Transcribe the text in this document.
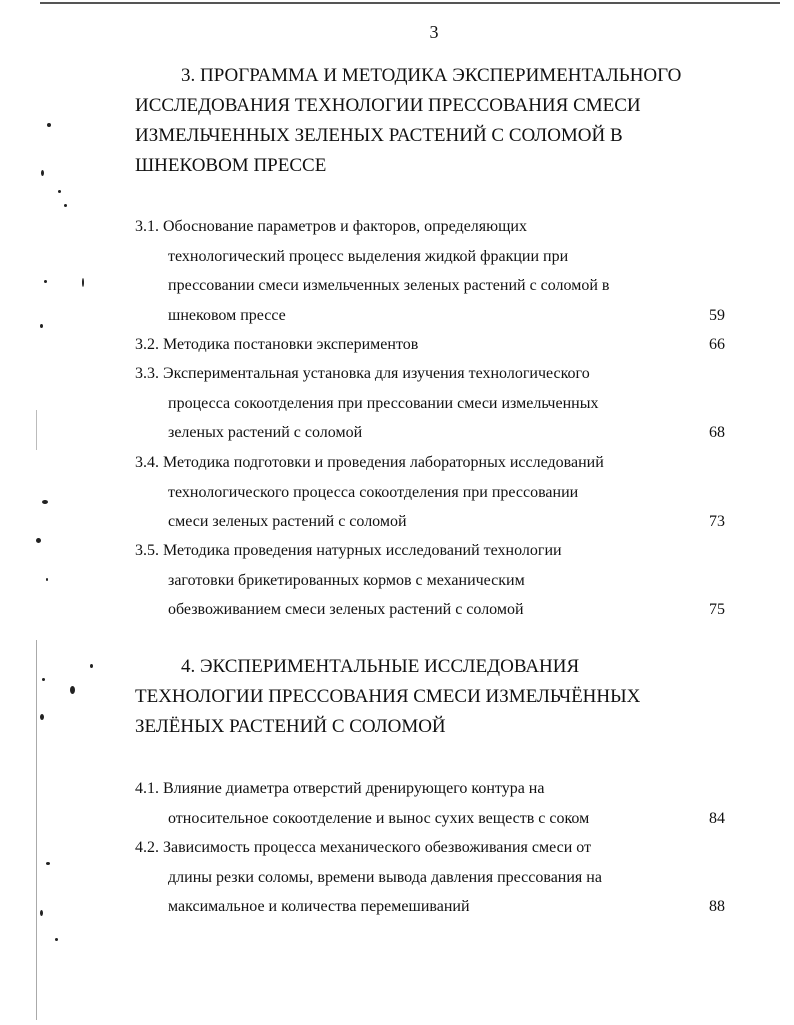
3
3. ПРОГРАММА И МЕТОДИКА ЭКСПЕРИМЕНТАЛЬНОГО
ИССЛЕДОВАНИЯ ТЕХНОЛОГИИ ПРЕССОВАНИЯ СМЕСИ
ИЗМЕЛЬЧЕННЫХ ЗЕЛЕНЫХ РАСТЕНИЙ С СОЛОМОЙ В
ШНЕКОВОМ ПРЕССЕ
3.1. Обоснование параметров и факторов, определяющих
технологический процесс выделения жидкой фракции при
прессовании смеси измельченных зеленых растений с соломой в
шнековом прессе	59
3.2. Методика постановки экспериментов	66
3.3. Экспериментальная установка для изучения технологического
процесса сокоотделения при прессовании смеси измельченных
зеленых растений с соломой	68
3.4. Методика подготовки и проведения лабораторных исследований
технологического процесса сокоотделения при прессовании
смеси зеленых растений с соломой	73
3.5. Методика проведения натурных исследований технологии
заготовки брикетированных кормов с механическим
обезвоживанием смеси зеленых растений с соломой	75
4. ЭКСПЕРИМЕНТАЛЬНЫЕ ИССЛЕДОВАНИЯ
ТЕХНОЛОГИИ ПРЕССОВАНИЯ СМЕСИ ИЗМЕЛЬЧЁННЫХ
ЗЕЛЁНЫХ РАСТЕНИЙ С СОЛОМОЙ
4.1. Влияние диаметра отверстий дренирующего контура на
относительное сокоотделение и вынос сухих веществ с соком	84
4.2. Зависимость процесса механического обезвоживания смеси от
длины резки соломы, времени вывода давления прессования на
максимальное и количества перемешиваний	88
